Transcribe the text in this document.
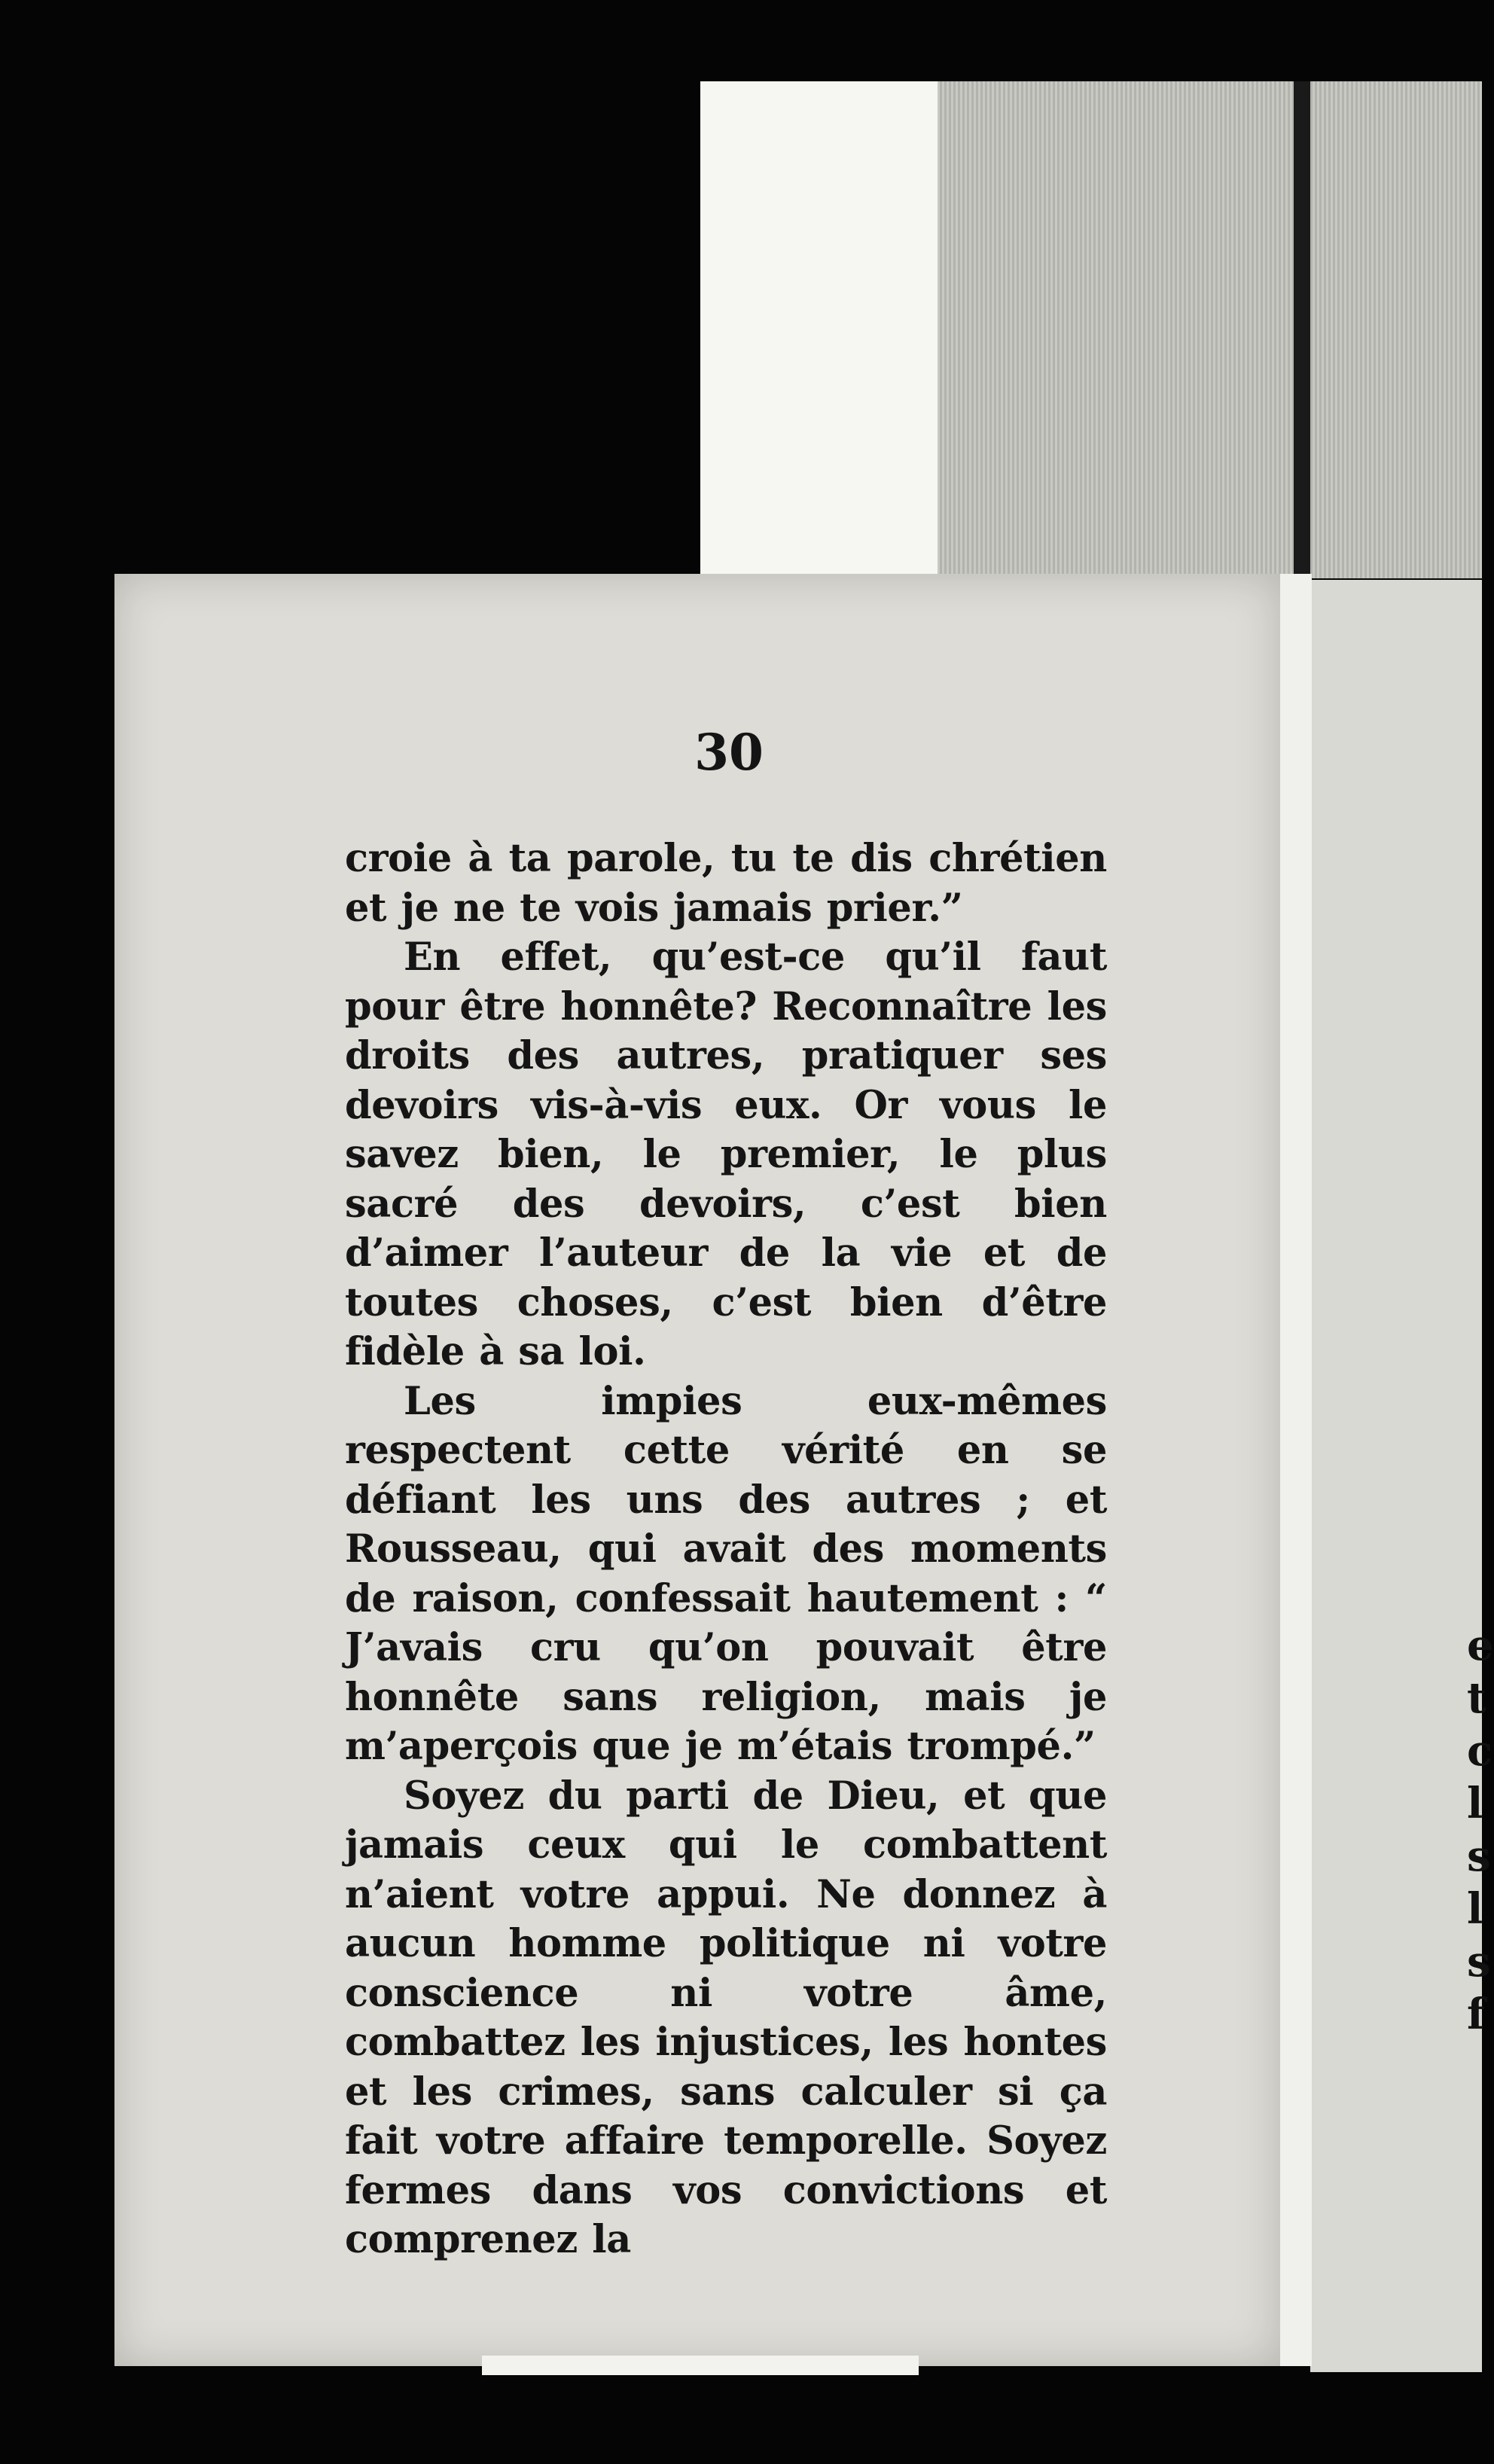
e
t
c
l
s
l
s
f
30

croie à ta parole, tu te dis chrétien et je ne te vois jamais prier.”

En effet, qu’est-ce qu’il faut pour être honnête? Reconnaître les droits des autres, pratiquer ses devoirs vis-à-vis eux. Or vous le savez bien, le premier, le plus sacré des devoirs, c’est bien d’aimer l’auteur de la vie et de toutes choses, c’est bien d’être fidèle à sa loi.

Les impies eux-mêmes respectent cette vérité en se défiant les uns des autres ; et Rousseau, qui avait des moments de raison, confessait hautement : “ J’avais cru qu’on pouvait être honnête sans religion, mais je m’aperçois que je m’étais trompé.”

Soyez du parti de Dieu, et que jamais ceux qui le combattent n’aient votre appui. Ne donnez à aucun homme politique ni votre conscience ni votre âme, combattez les injustices, les hontes et les crimes, sans calculer si ça fait votre affaire temporelle. Soyez fermes dans vos convictions et comprenez la
